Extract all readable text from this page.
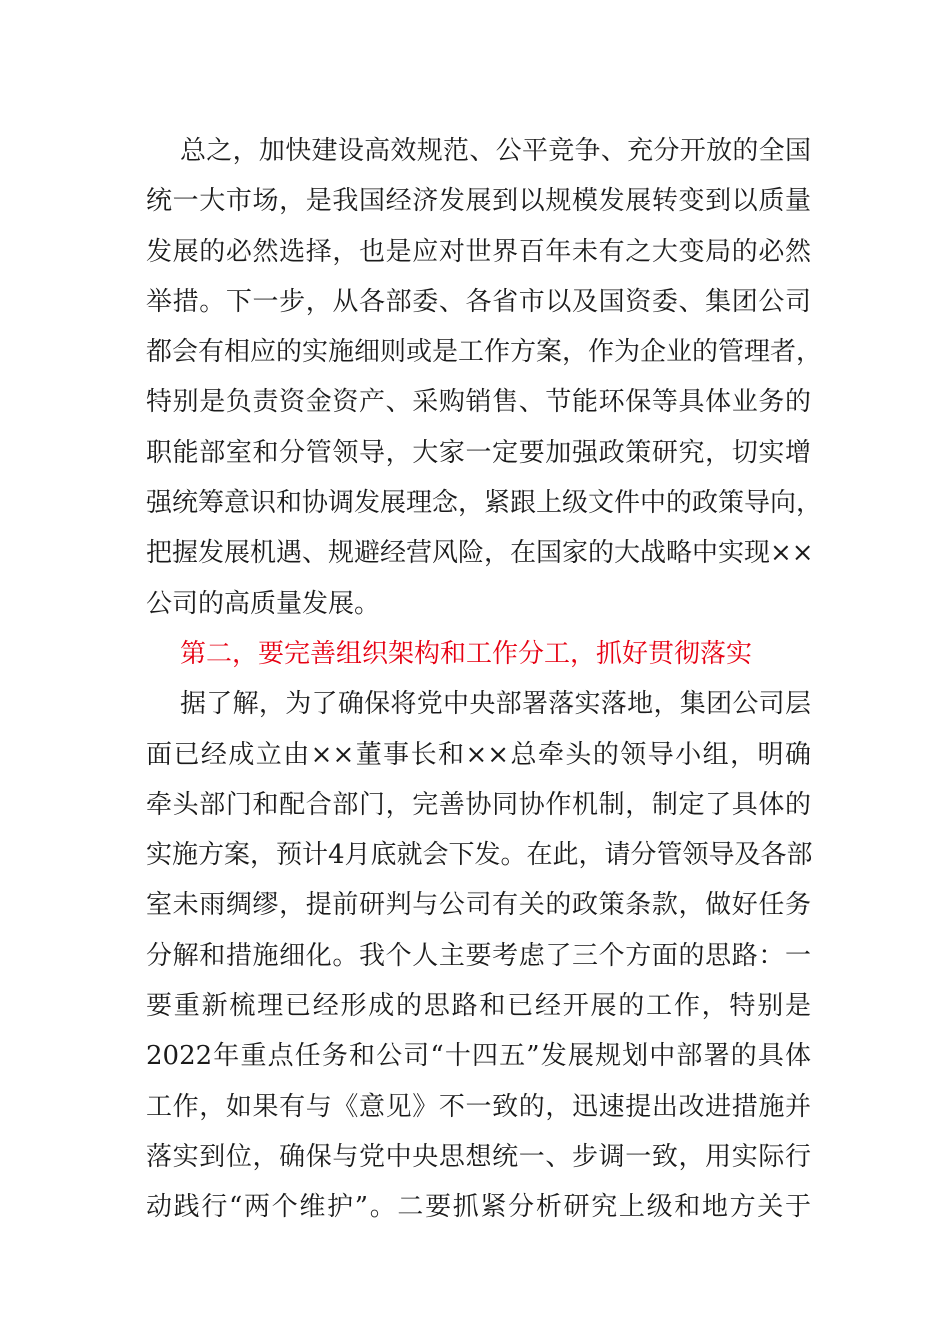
总之，加快建设高效规范、公平竞争、充分开放的全国
统一大市场，是我国经济发展到以规模发展转变到以质量
发展的必然选择，也是应对世界百年未有之大变局的必然
举措。下一步，从各部委、各省市以及国资委、集团公司
都会有相应的实施细则或是工作方案，作为企业的管理者，
特别是负责资金资产、采购销售、节能环保等具体业务的
职能部室和分管领导，大家一定要加强政策研究，切实增
强统筹意识和协调发展理念，紧跟上级文件中的政策导向，
把握发展机遇、规避经营风险，在国家的大战略中实现××
公司的高质量发展。
第二，要完善组织架构和工作分工，抓好贯彻落实
据了解，为了确保将党中央部署落实落地，集团公司层
面已经成立由××董事长和××总牵头的领导小组，明确
牵头部门和配合部门，完善协同协作机制，制定了具体的
实施方案，预计4月底就会下发。在此，请分管领导及各部
室未雨绸缪，提前研判与公司有关的政策条款，做好任务
分解和措施细化。我个人主要考虑了三个方面的思路：一
要重新梳理已经形成的思路和已经开展的工作，特别是
2022年重点任务和公司“十四五”发展规划中部署的具体
工作，如果有与《意见》不一致的，迅速提出改进措施并
落实到位，确保与党中央思想统一、步调一致，用实际行
动践行“两个维护”。二要抓紧分析研究上级和地方关于
